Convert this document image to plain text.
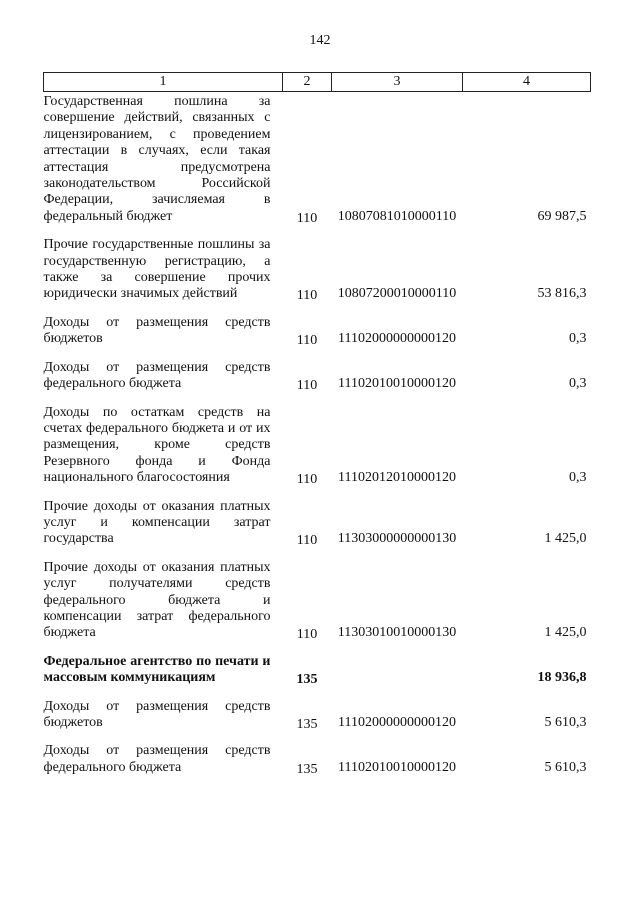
142
1	2	3	4
Государственная пошлина за совершение действий, связанных с лицензированием, с проведением аттестации в случаях, если такая аттестация предусмотрена законодательством Российской Федерации, зачисляемая в федеральный бюджет	110	10807081010000110	69 987,5

Прочие государственные пошлины за государственную регистрацию, а также за совершение прочих юридически значимых действий	110	10807200010000110	53 816,3

Доходы от размещения средств бюджетов	110	11102000000000120	0,3

Доходы от размещения средств федерального бюджета	110	11102010010000120	0,3

Доходы по остаткам средств на счетах федерального бюджета и от их размещения, кроме средств Резервного фонда и Фонда национального благосостояния	110	11102012010000120	0,3

Прочие доходы от оказания платных услуг и компенсации затрат государства	110	11303000000000130	1 425,0

Прочие доходы от оказания платных услуг получателями средств федерального бюджета и компенсации затрат федерального бюджета	110	11303010010000130	1 425,0

Федеральное агентство по печати и массовым коммуникациям	135		18 936,8

Доходы от размещения средств бюджетов	135	11102000000000120	5 610,3

Доходы от размещения средств федерального бюджета	135	11102010010000120	5 610,3
